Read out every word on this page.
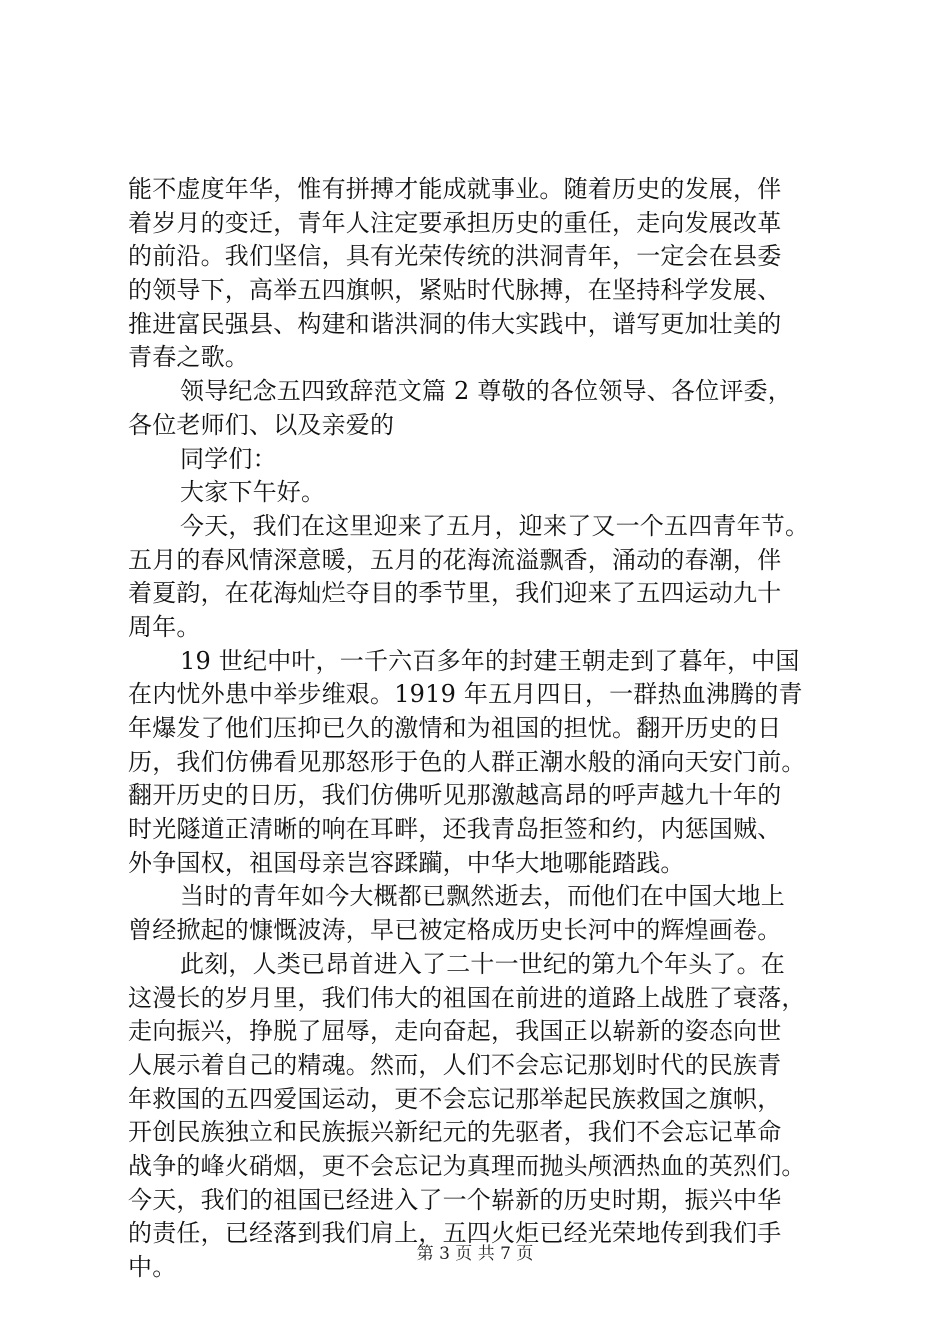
能不虚度年华，惟有拼搏才能成就事业。随着历史的发展，伴
着岁月的变迁，青年人注定要承担历史的重任，走向发展改革
的前沿。我们坚信，具有光荣传统的洪洞青年，一定会在县委
的领导下，高举五四旗帜，紧贴时代脉搏，在坚持科学发展、
推进富民强县、构建和谐洪洞的伟大实践中，谱写更加壮美的
青春之歌。
领导纪念五四致辞范文篇 2 尊敬的各位领导、各位评委，
各位老师们、以及亲爱的
同学们：
大家下午好。
今天，我们在这里迎来了五月，迎来了又一个五四青年节。
五月的春风情深意暖，五月的花海流溢飘香，涌动的春潮，伴
着夏韵，在花海灿烂夺目的季节里，我们迎来了五四运动九十
周年。
19 世纪中叶，一千六百多年的封建王朝走到了暮年，中国
在内忧外患中举步维艰。1919 年五月四日，一群热血沸腾的青
年爆发了他们压抑已久的激情和为祖国的担忧。翻开历史的日
历，我们仿佛看见那怒形于色的人群正潮水般的涌向天安门前。
翻开历史的日历，我们仿佛听见那激越高昂的呼声越九十年的
时光隧道正清晰的响在耳畔，还我青岛拒签和约，内惩国贼、
外争国权，祖国母亲岂容蹂躏，中华大地哪能踏践。
当时的青年如今大概都已飘然逝去，而他们在中国大地上
曾经掀起的慷慨波涛，早已被定格成历史长河中的辉煌画卷。
此刻，人类已昂首进入了二十一世纪的第九个年头了。在
这漫长的岁月里，我们伟大的祖国在前进的道路上战胜了衰落，
走向振兴，挣脱了屈辱，走向奋起，我国正以崭新的姿态向世
人展示着自己的精魂。然而，人们不会忘记那划时代的民族青
年救国的五四爱国运动，更不会忘记那举起民族救国之旗帜，
开创民族独立和民族振兴新纪元的先驱者，我们不会忘记革命
战争的峰火硝烟，更不会忘记为真理而抛头颅洒热血的英烈们。
今天，我们的祖国已经进入了一个崭新的历史时期，振兴中华
的责任，已经落到我们肩上，五四火炬已经光荣地传到我们手
中。	第 3 页 共 7 页
